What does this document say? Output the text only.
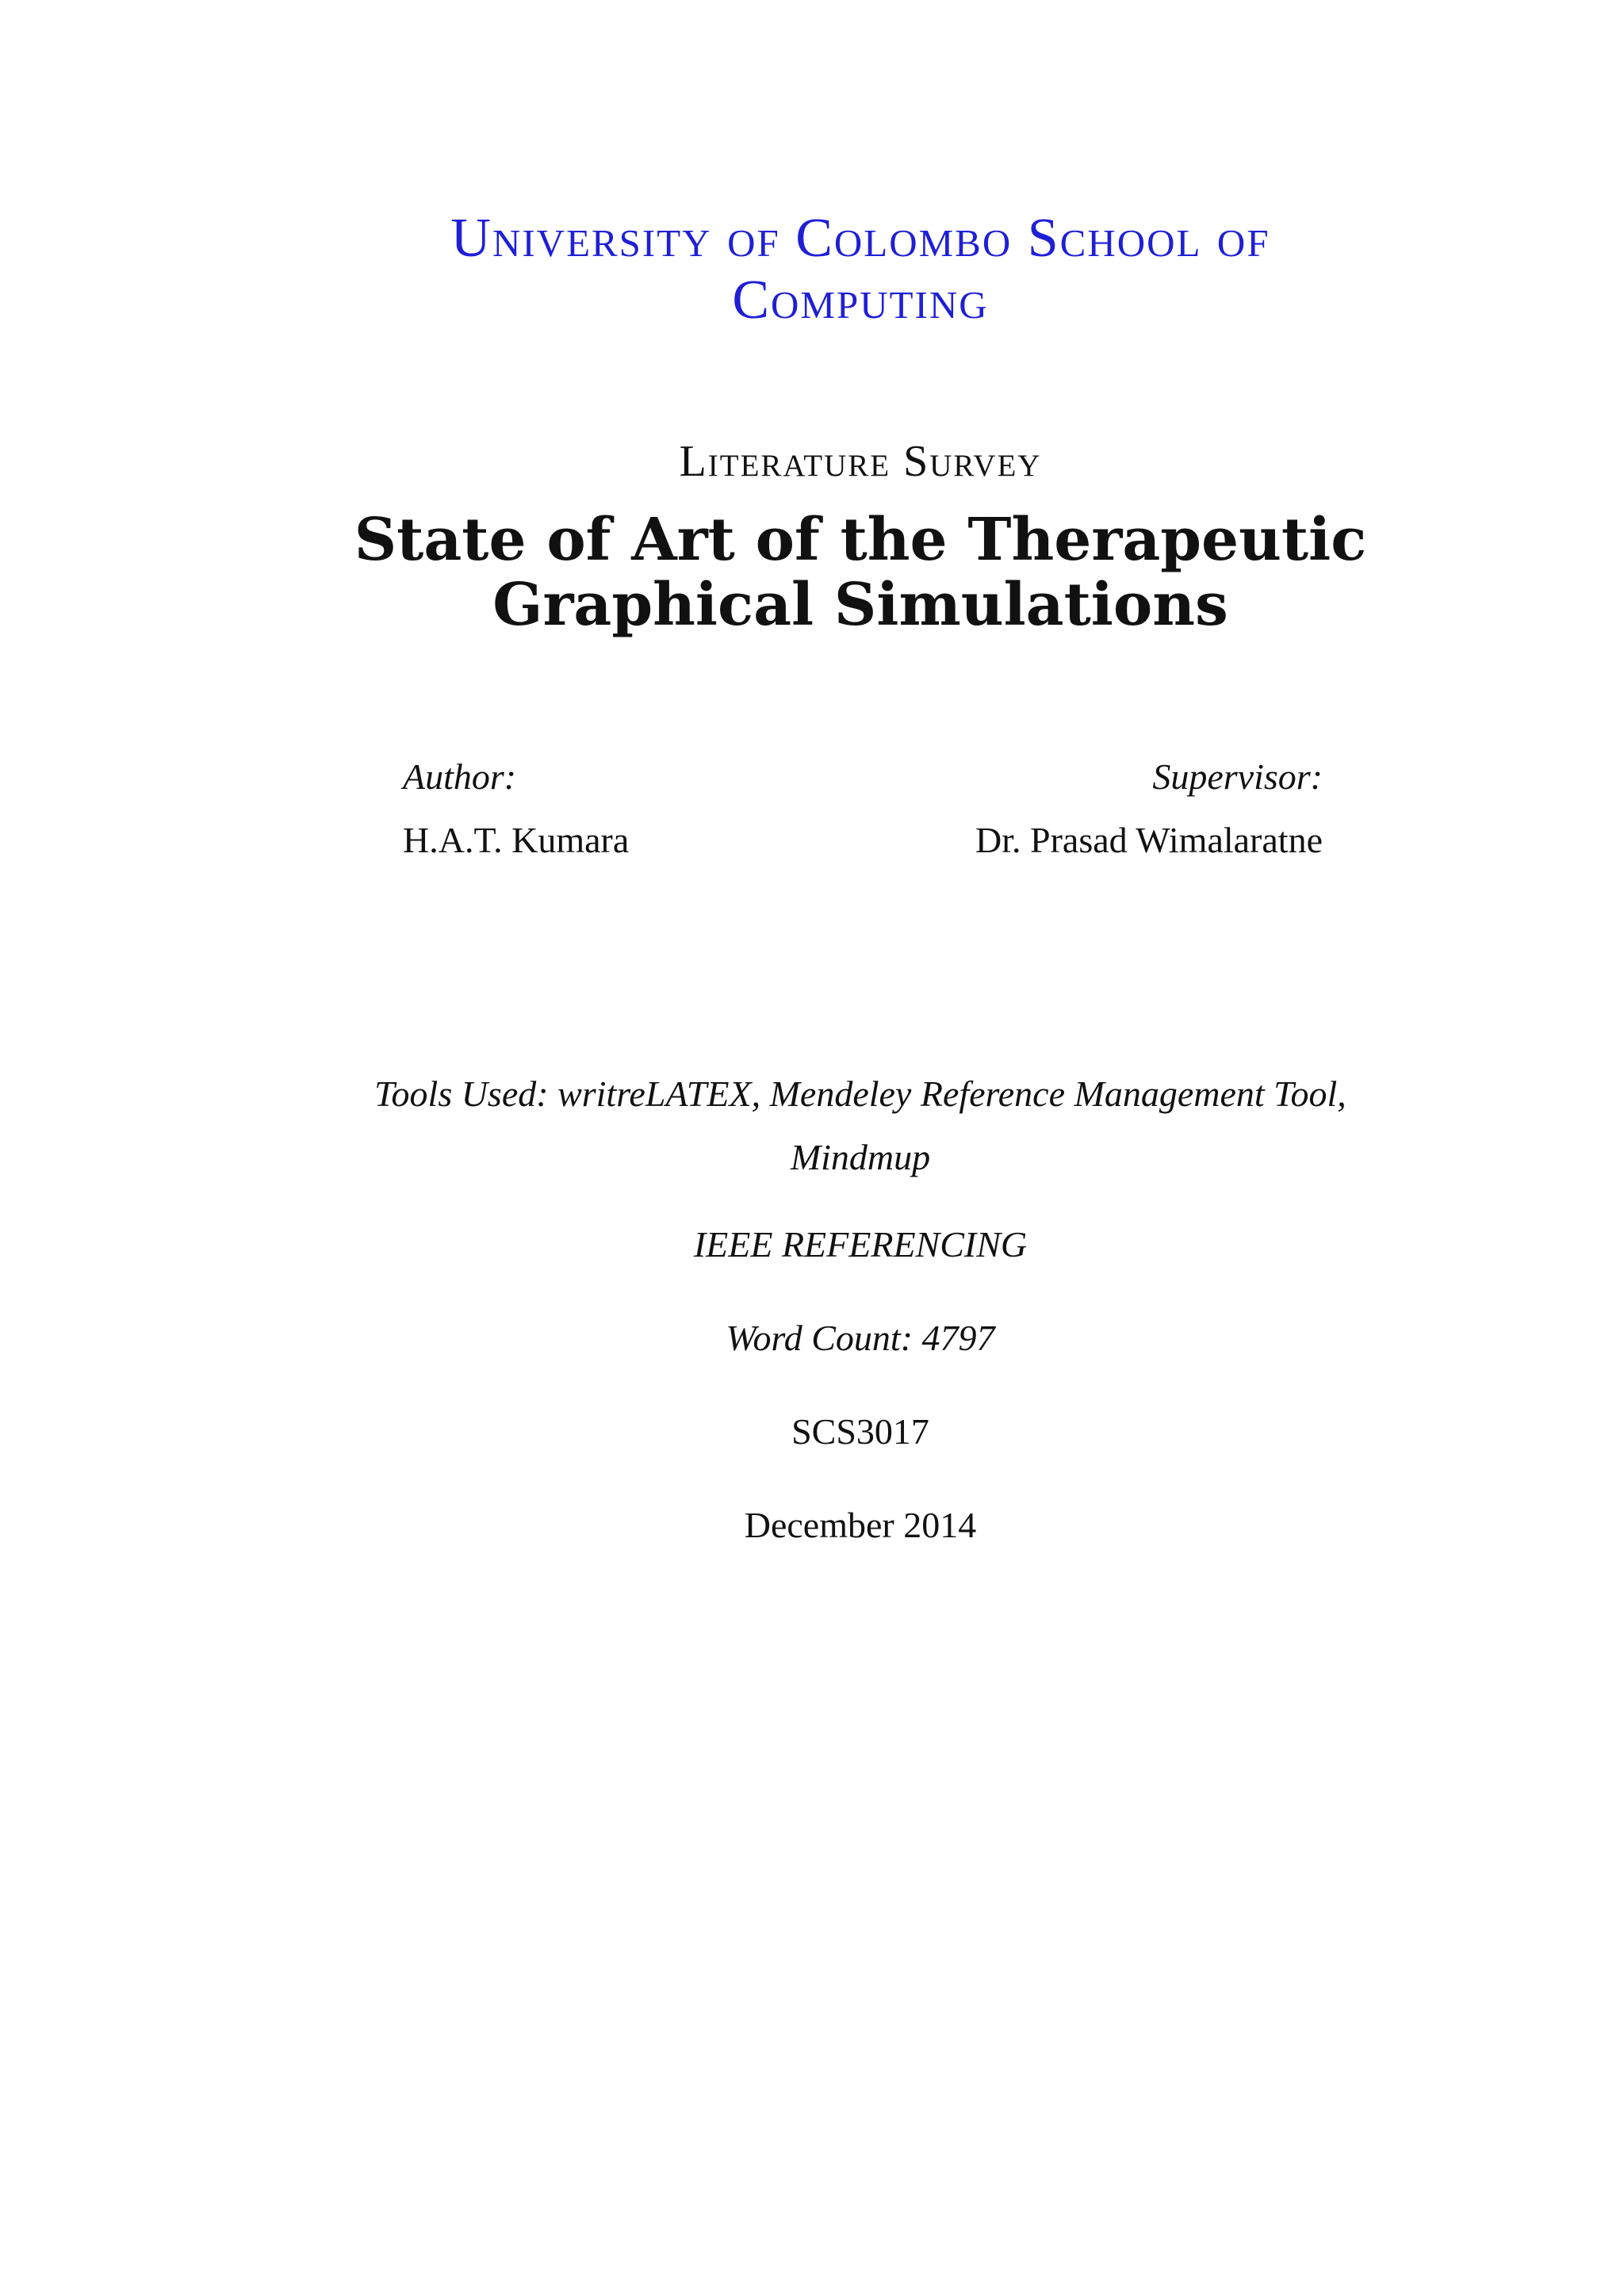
University of Colombo School of
Computing
Literature Survey
State of Art of the Therapeutic
Graphical Simulations
Author:
H.A.T. Kumara
Supervisor:
Dr. Prasad Wimalaratne
Tools Used: writreLATEX, Mendeley Reference Management Tool,
Mindmup
IEEE REFERENCING
Word Count: 4797
SCS3017
December 2014
